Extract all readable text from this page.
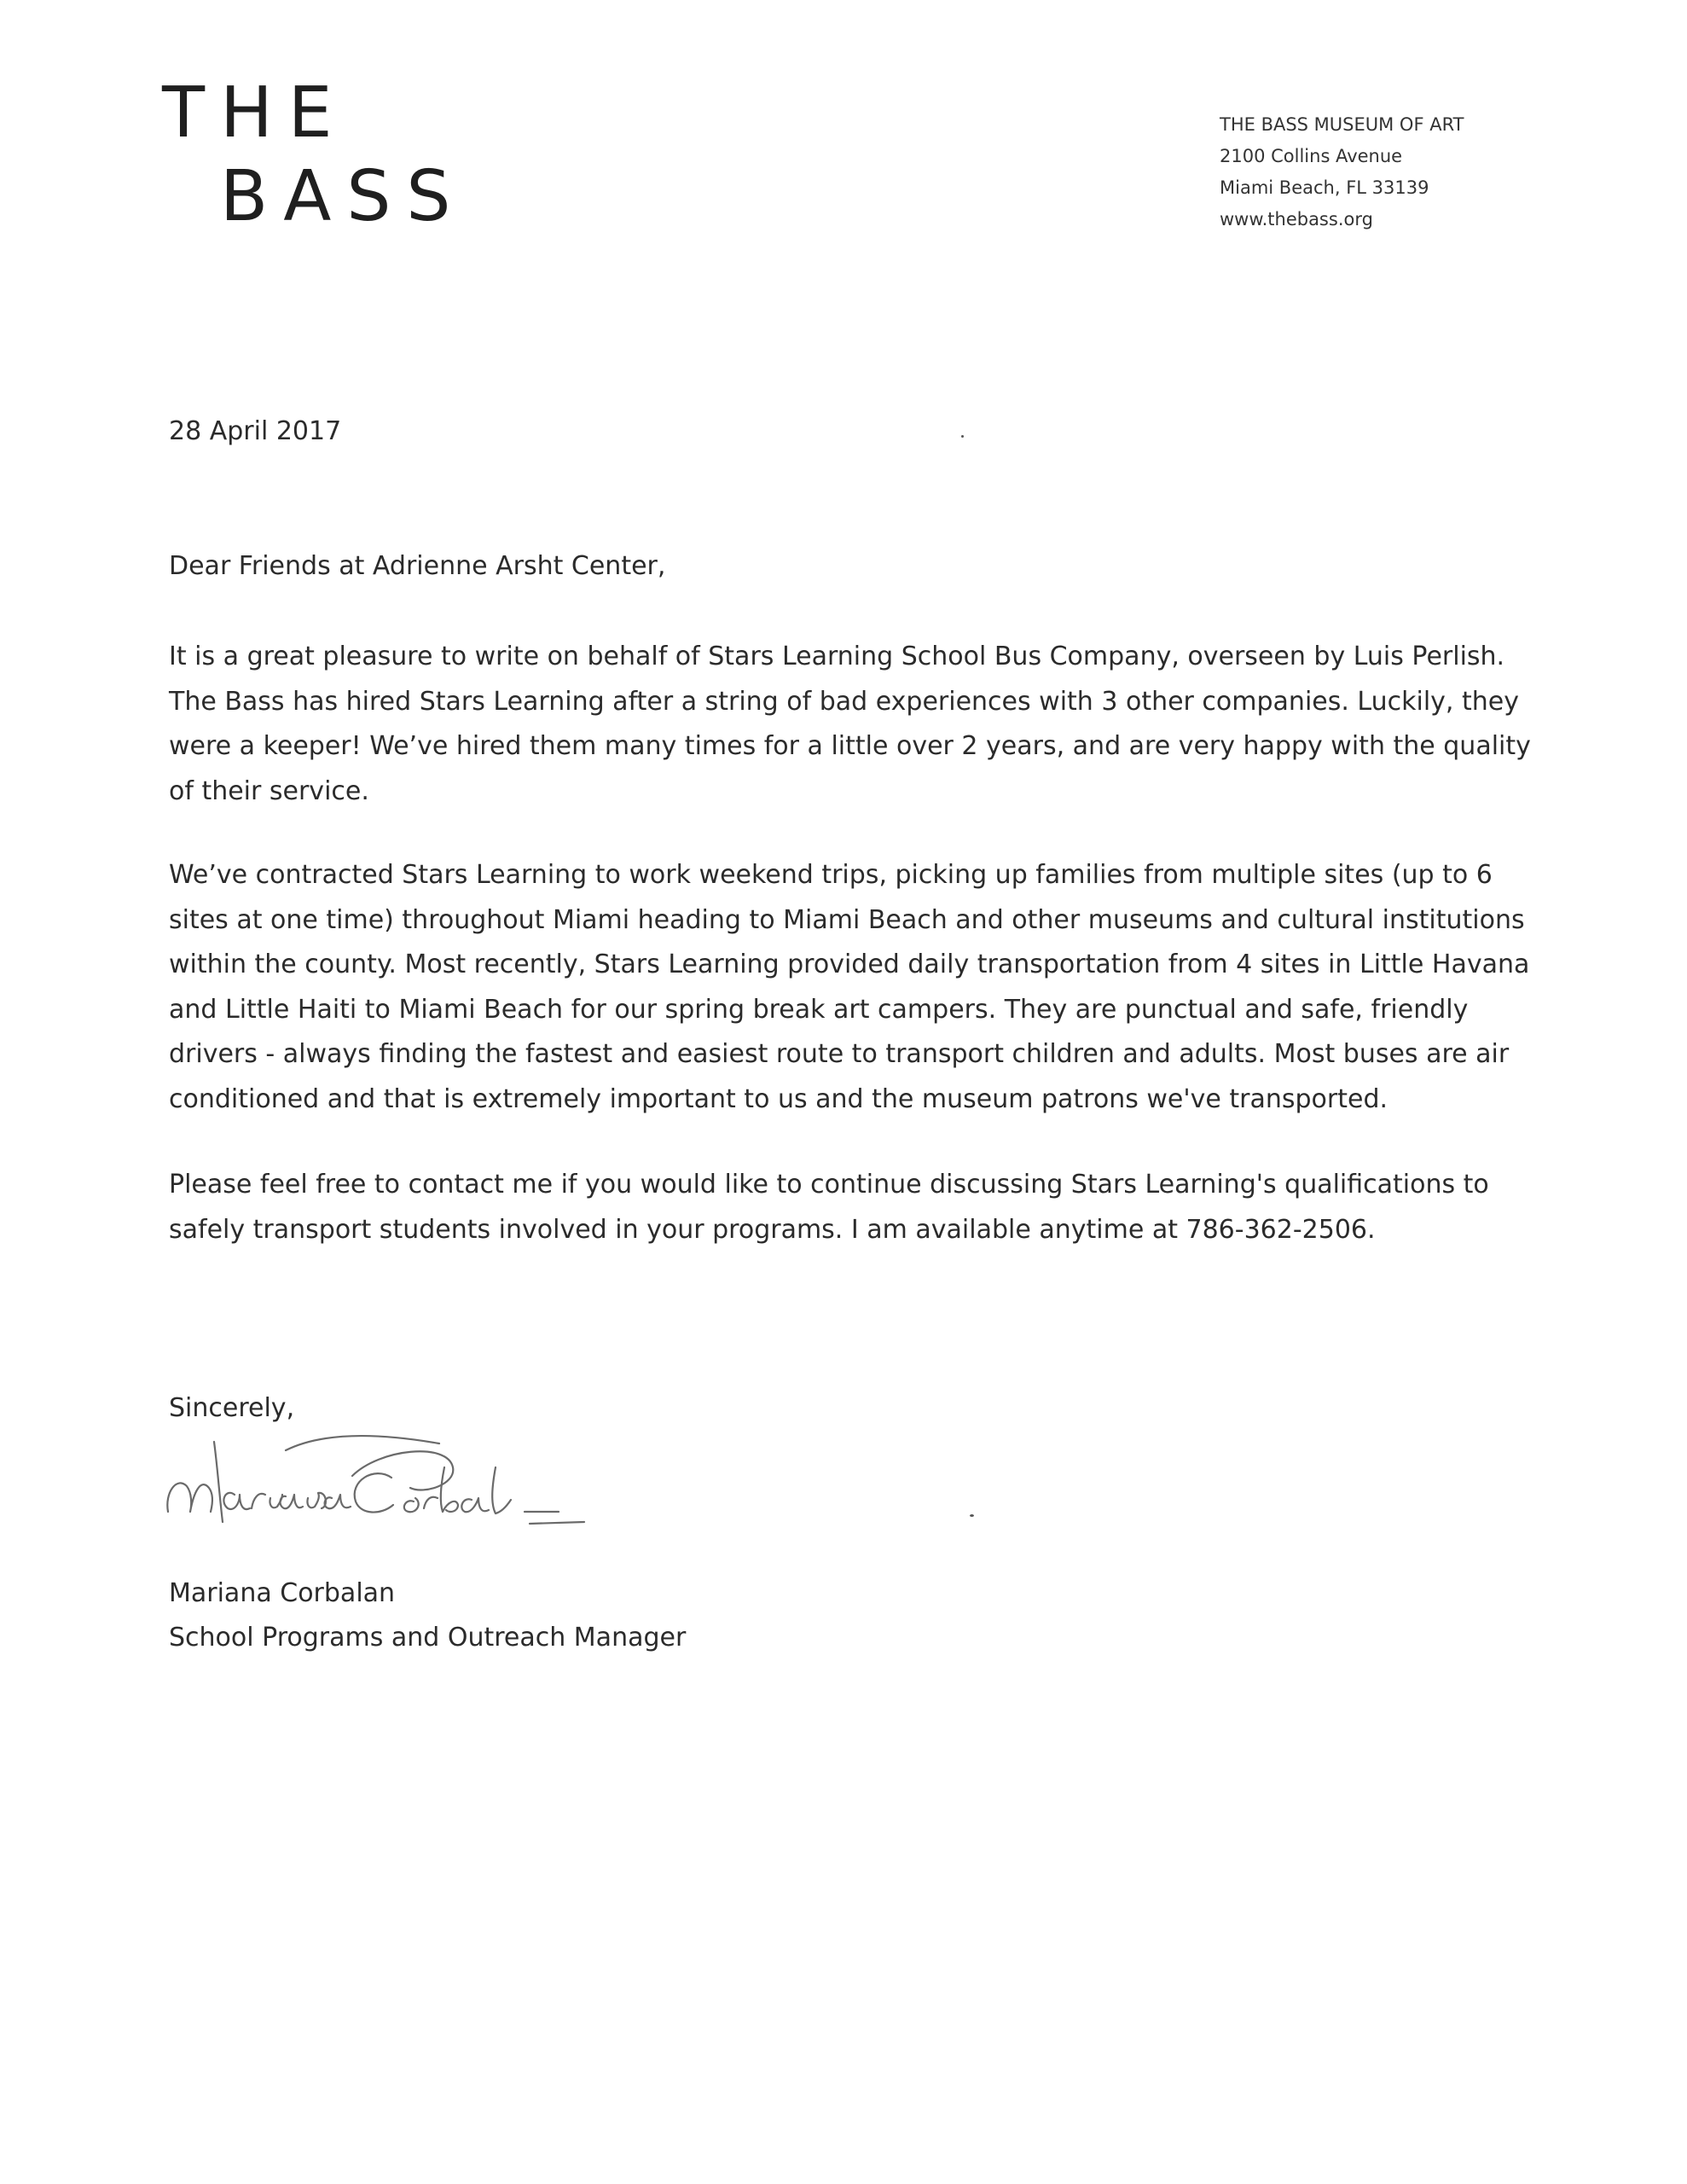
THE
BASS
THE BASS MUSEUM OF ART
2100 Collins Avenue
Miami Beach, FL 33139
www.thebass.org
28 April 2017
Dear Friends at Adrienne Arsht Center,
It is a great pleasure to write on behalf of Stars Learning School Bus Company, overseen by Luis Perlish.
The Bass has hired Stars Learning after a string of bad experiences with 3 other companies. Luckily, they
were a keeper! We’ve hired them many times for a little over 2 years, and are very happy with the quality
of their service.
We’ve contracted Stars Learning to work weekend trips, picking up families from multiple sites (up to 6
sites at one time) throughout Miami heading to Miami Beach and other museums and cultural institutions
within the county. Most recently, Stars Learning provided daily transportation from 4 sites in Little Havana
and Little Haiti to Miami Beach for our spring break art campers. They are punctual and safe, friendly
drivers - always finding the fastest and easiest route to transport children and adults. Most buses are air
conditioned and that is extremely important to us and the museum patrons we've transported.
Please feel free to contact me if you would like to continue discussing Stars Learning's qualifications to
safely transport students involved in your programs. I am available anytime at 786-362-2506.
Sincerely,
Mariana Corbalan
School Programs and Outreach Manager
